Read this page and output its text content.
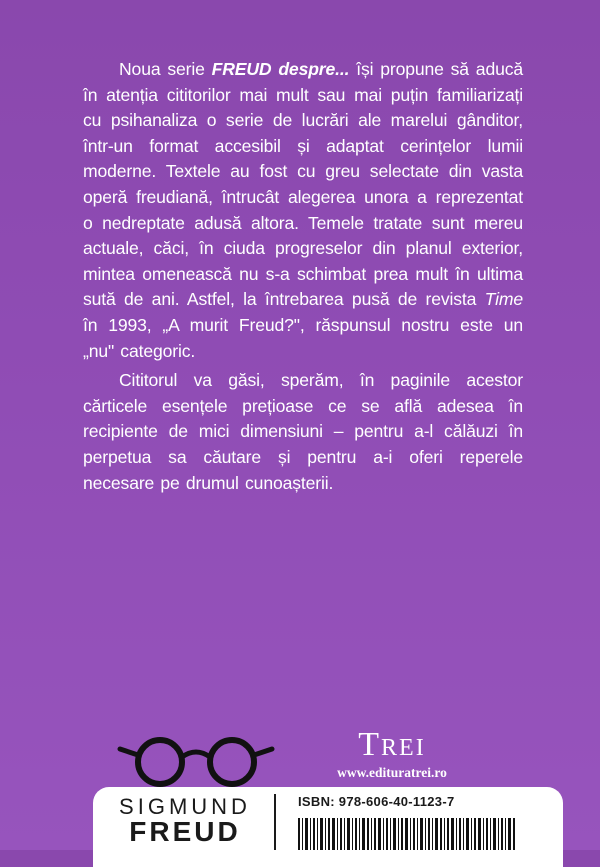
Noua serie FREUD despre... își propune să aducă în atenția cititorilor mai mult sau mai puțin familiarizați cu psihanaliza o serie de lucrări ale marelui gânditor, într-un format accesibil și adaptat cerințelor lumii moderne. Textele au fost cu greu selectate din vasta operă freudiană, întrucât alegerea unora a reprezentat o nedreptate adusă altora. Temele tratate sunt mereu actuale, căci, în ciuda progreselor din planul exterior, mintea omenească nu s-a schimbat prea mult în ultima sută de ani. Astfel, la întrebarea pusă de revista Time în 1993, „A murit Freud?", răspunsul nostru este un „nu" categoric.

Cititorul va găsi, sperăm, în paginile acestor cărticele esențele prețioase ce se află adesea în recipiente de mici dimensiuni – pentru a-l călăuzi în perpetua sa căutare și pentru a-i oferi reperele necesare pe drumul cunoașterii.

Trei
www.edituratrei.ro
SIGMUND
FREUD
ISBN: 978-606-40-1123-7
